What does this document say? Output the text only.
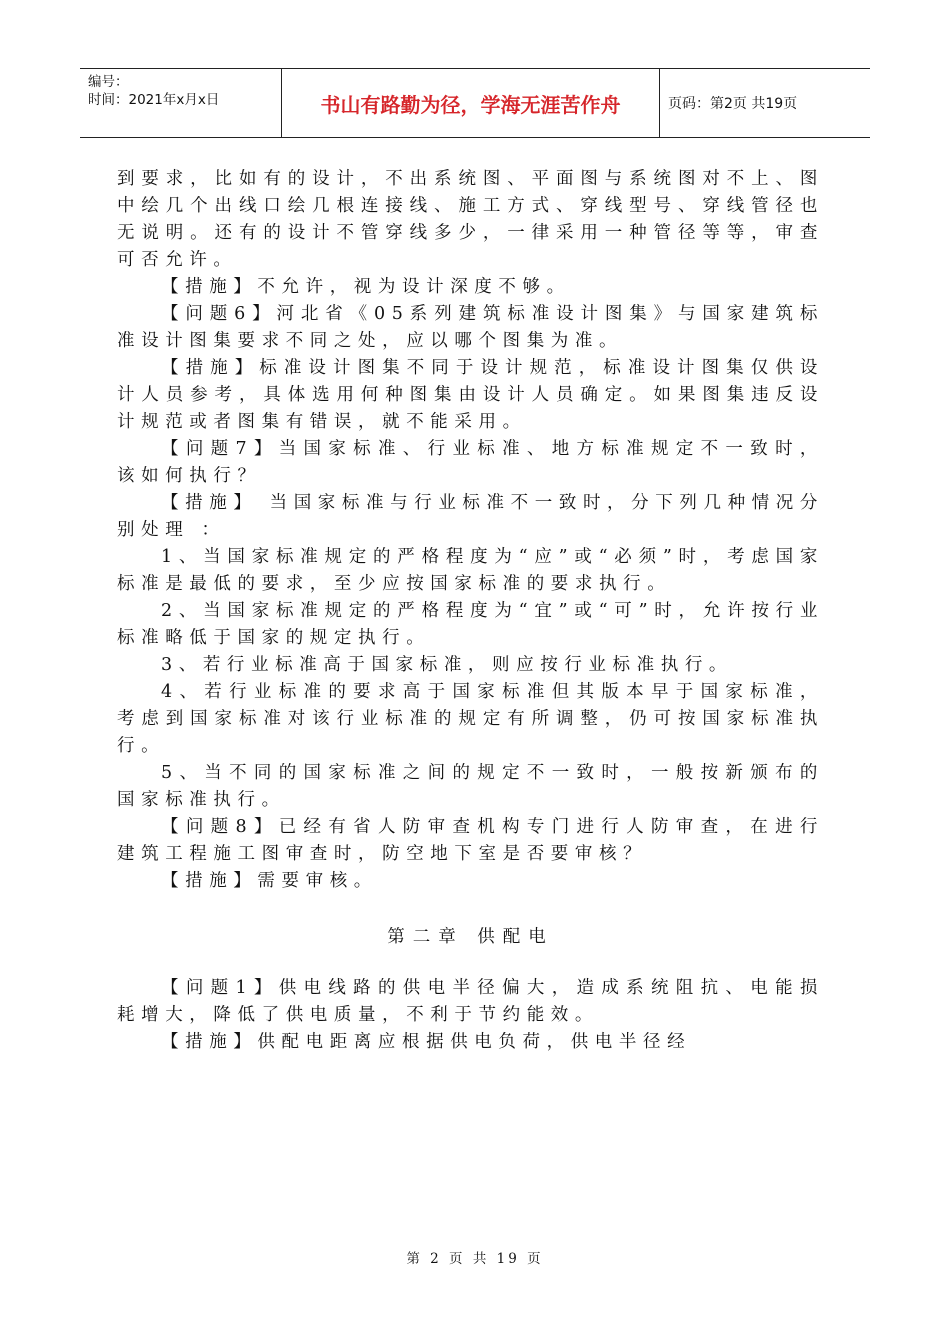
编号：
时间：2021年x月x日	书山有路勤为径，学海无涯苦作舟	页码：第2页 共19页

到要求，比如有的设计，不出系统图、平面图与系统图对不上、图中绘几个出线口绘几根连接线、施工方式、穿线型号、穿线管径也无说明。还有的设计不管穿线多少，一律采用一种管径等等，审查可否允许。

【措施】不允许，视为设计深度不够。

【问题6】河北省《05系列建筑标准设计图集》与国家建筑标准设计图集要求不同之处，应以哪个图集为准。

【措施】标准设计图集不同于设计规范，标准设计图集仅供设计人员参考，具体选用何种图集由设计人员确定。如果图集违反设计规范或者图集有错误，就不能采用。

【问题7】当国家标准、行业标准、地方标准规定不一致时，该如何执行？

【措施】 当国家标准与行业标准不一致时，分下列几种情况分别处理 ：

1、当国家标准规定的严格程度为“应”或“必须”时，考虑国家标准是最低的要求，至少应按国家标准的要求执行。

2、当国家标准规定的严格程度为“宜”或“可”时，允许按行业标准略低于国家的规定执行。

3、若行业标准高于国家标准，则应按行业标准执行。

4、若行业标准的要求高于国家标准但其版本早于国家标准，考虑到国家标准对该行业标准的规定有所调整，仍可按国家标准执行。

5、当不同的国家标准之间的规定不一致时，一般按新颁布的国家标准执行。

【问题8】已经有省人防审查机构专门进行人防审查，在进行建筑工程施工图审查时，防空地下室是否要审核？

【措施】需要审核。

第二章 供配电

【问题1】供电线路的供电半径偏大，造成系统阻抗、电能损耗增大，降低了供电质量，不利于节约能效。

【措施】供配电距离应根据供电负荷，供电半径经

第 2 页 共 19 页
